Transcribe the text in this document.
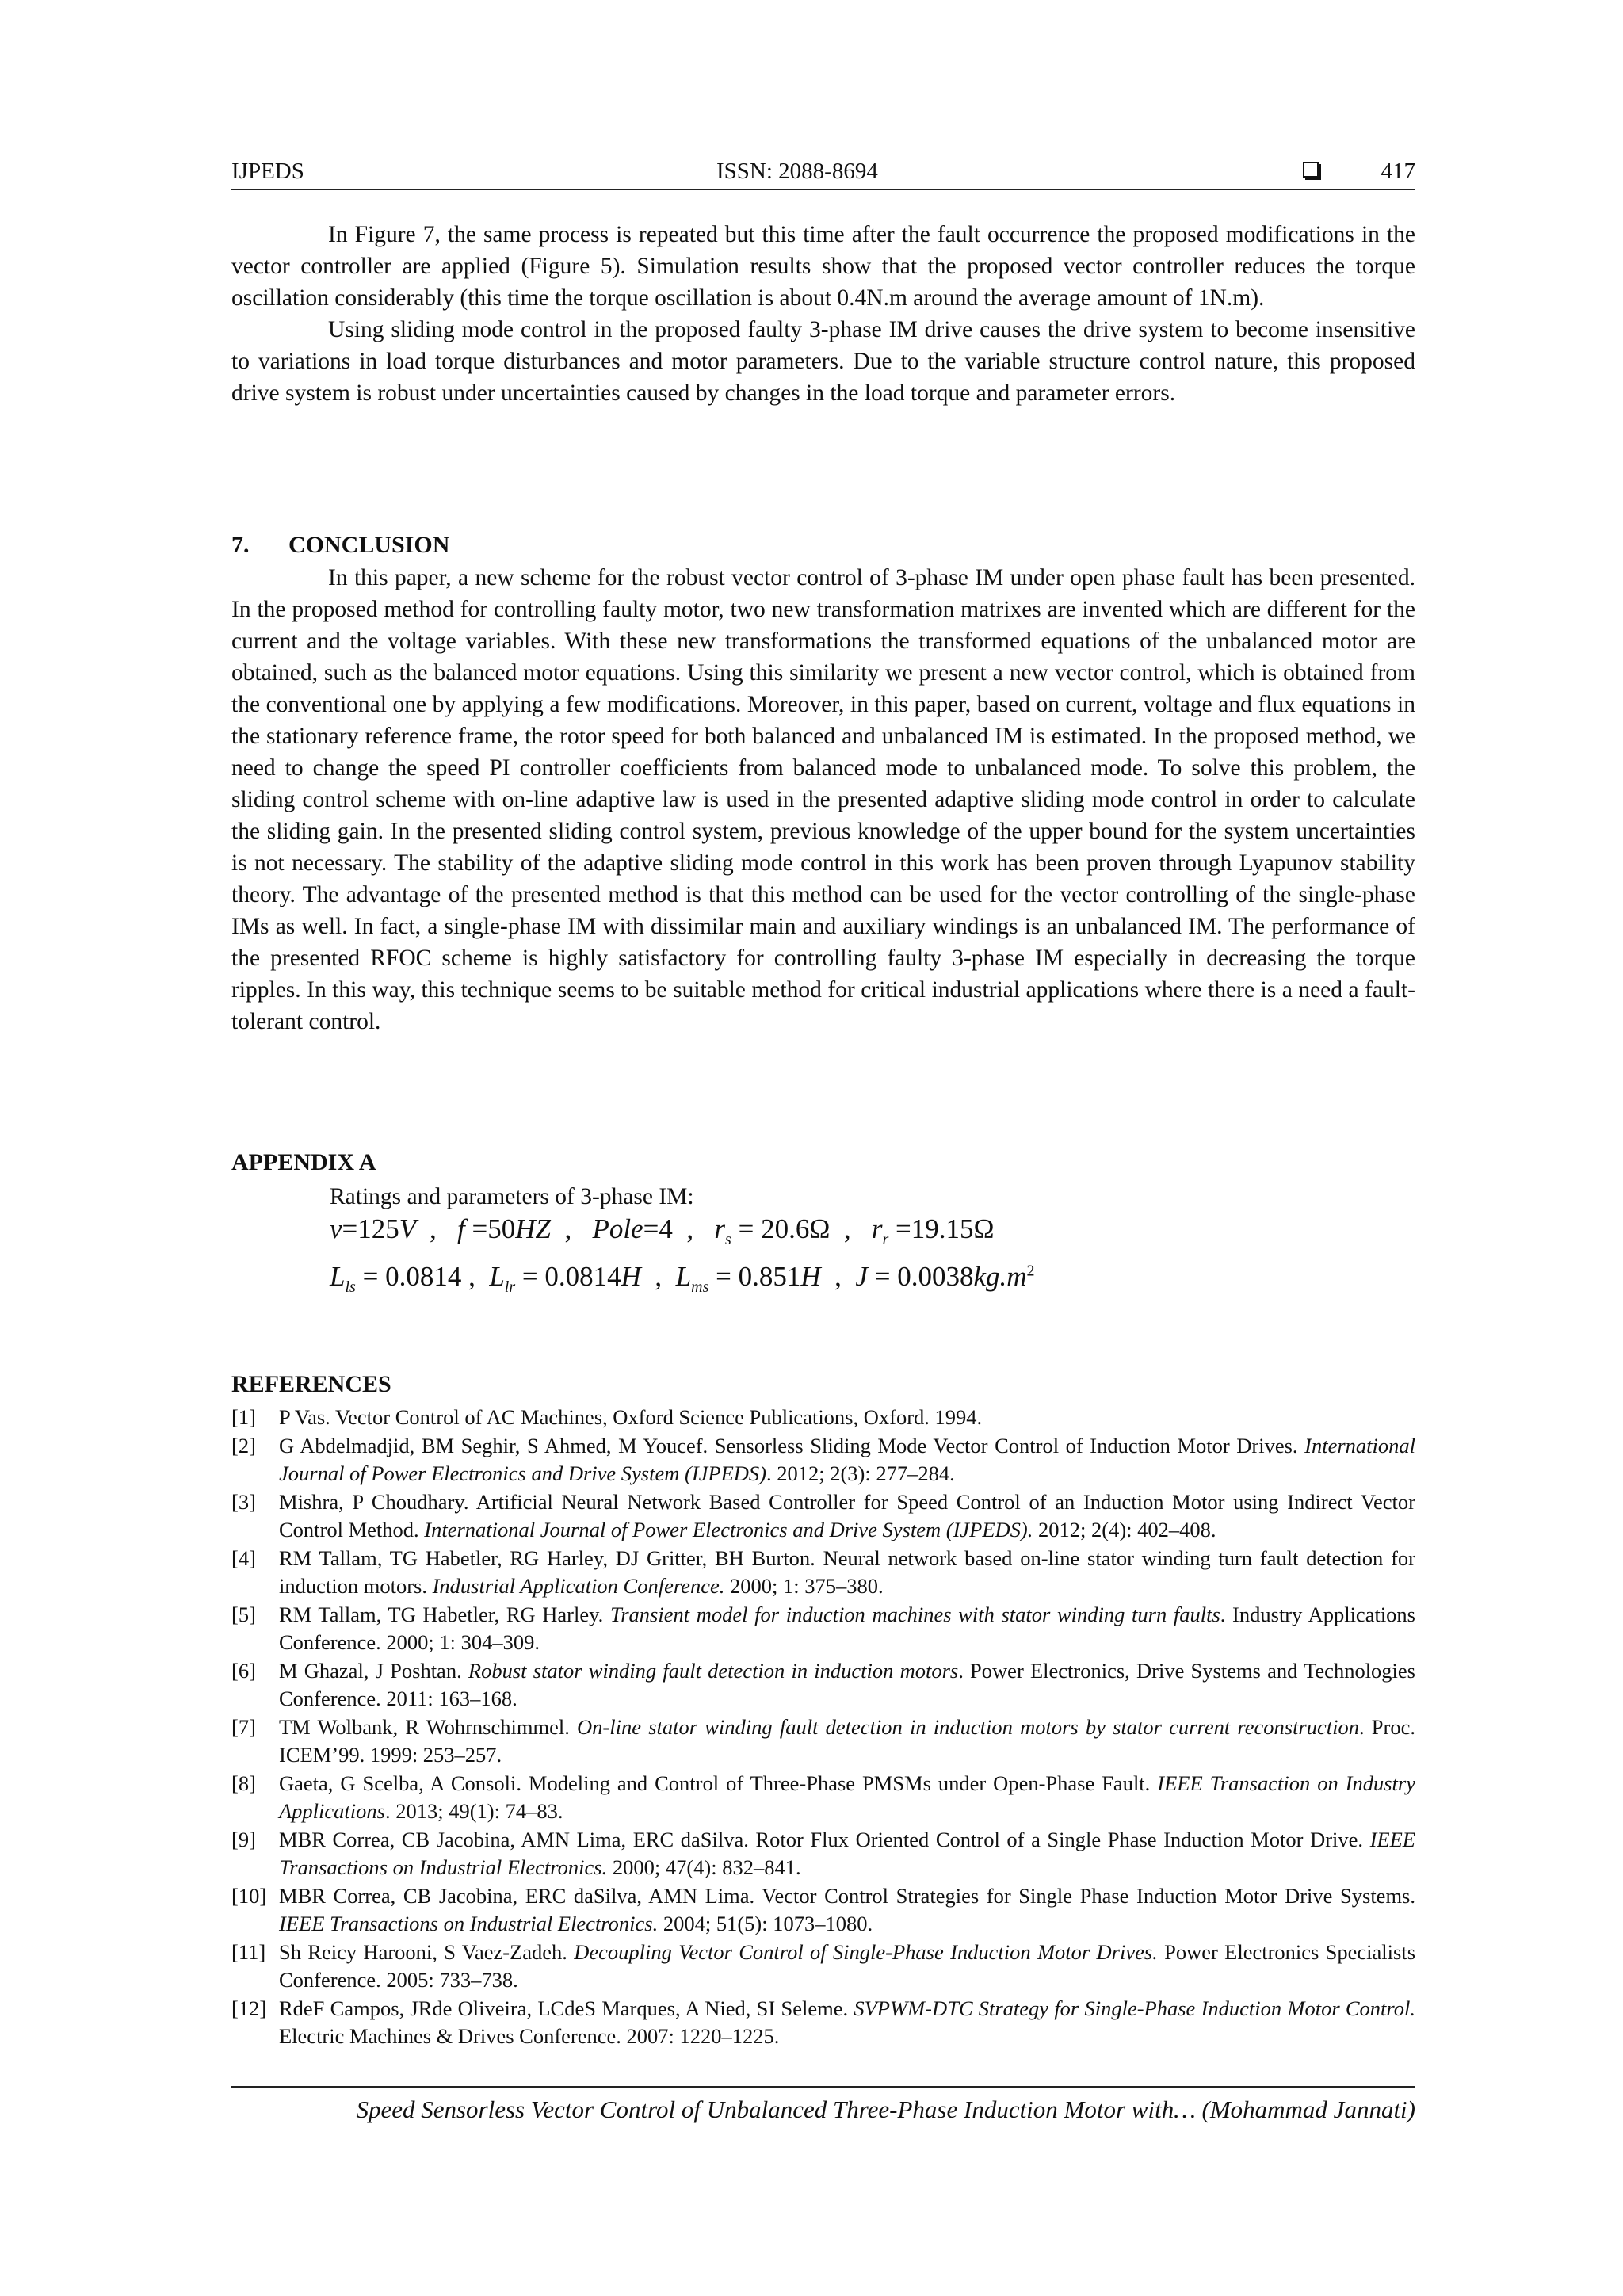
IJPEDS	ISSN: 2088-8694	417

In Figure 7, the same process is repeated but this time after the fault occurrence the proposed modifications in the vector controller are applied (Figure 5). Simulation results show that the proposed vector controller reduces the torque oscillation considerably (this time the torque oscillation is about 0.4N.m around the average amount of 1N.m).

Using sliding mode control in the proposed faulty 3-phase IM drive causes the drive system to become insensitive to variations in load torque disturbances and motor parameters. Due to the variable structure control nature, this proposed drive system is robust under uncertainties caused by changes in the load torque and parameter errors.

7. CONCLUSION

In this paper, a new scheme for the robust vector control of 3-phase IM under open phase fault has been presented. In the proposed method for controlling faulty motor, two new transformation matrixes are invented which are different for the current and the voltage variables. With these new transformations the transformed equations of the unbalanced motor are obtained, such as the balanced motor equations. Using this similarity we present a new vector control, which is obtained from the conventional one by applying a few modifications. Moreover, in this paper, based on current, voltage and flux equations in the stationary reference frame, the rotor speed for both balanced and unbalanced IM is estimated. In the proposed method, we need to change the speed PI controller coefficients from balanced mode to unbalanced mode. To solve this problem, the sliding control scheme with on-line adaptive law is used in the presented adaptive sliding mode control in order to calculate the sliding gain. In the presented sliding control system, previous knowledge of the upper bound for the system uncertainties is not necessary. The stability of the adaptive sliding mode control in this work has been proven through Lyapunov stability theory. The advantage of the presented method is that this method can be used for the vector controlling of the single-phase IMs as well. In fact, a single-phase IM with dissimilar main and auxiliary windings is an unbalanced IM. The performance of the presented RFOC scheme is highly satisfactory for controlling faulty 3-phase IM especially in decreasing the torque ripples. In this way, this technique seems to be suitable method for critical industrial applications where there is a need a fault-tolerant control.

APPENDIX A
Ratings and parameters of 3-phase IM:
v=125V ,   f =50HZ ,   Pole=4 ,   $r_s = 20.6\Omega$ ,   $r_r =19.15\Omega$
$L_{ls} = 0.0814$ ,  $L_{lr} = 0.0814H$ ,  $L_{ms} = 0.851H$ ,  $J = 0.0038kg.m^2$
REFERENCES
[1] P Vas. Vector Control of AC Machines, Oxford Science Publications, Oxford. 1994.
[2] G Abdelmadjid, BM Seghir, S Ahmed, M Youcef. Sensorless Sliding Mode Vector Control of Induction Motor Drives. International Journal of Power Electronics and Drive System (IJPEDS). 2012; 2(3): 277–284.
[3] Mishra, P Choudhary. Artificial Neural Network Based Controller for Speed Control of an Induction Motor using Indirect Vector Control Method. International Journal of Power Electronics and Drive System (IJPEDS). 2012; 2(4): 402–408.
[4] RM Tallam, TG Habetler, RG Harley, DJ Gritter, BH Burton. Neural network based on-line stator winding turn fault detection for induction motors. Industrial Application Conference. 2000; 1: 375–380.
[5] RM Tallam, TG Habetler, RG Harley. Transient model for induction machines with stator winding turn faults. Industry Applications Conference. 2000; 1: 304–309.
[6] M Ghazal, J Poshtan. Robust stator winding fault detection in induction motors. Power Electronics, Drive Systems and Technologies Conference. 2011: 163–168.
[7] TM Wolbank, R Wohrnschimmel. On-line stator winding fault detection in induction motors by stator current reconstruction. Proc. ICEM’99. 1999: 253–257.
[8] Gaeta, G Scelba, A Consoli. Modeling and Control of Three-Phase PMSMs under Open-Phase Fault. IEEE Transaction on Industry Applications. 2013; 49(1): 74–83.
[9] MBR Correa, CB Jacobina, AMN Lima, ERC daSilva. Rotor Flux Oriented Control of a Single Phase Induction Motor Drive. IEEE Transactions on Industrial Electronics. 2000; 47(4): 832–841.
[10] MBR Correa, CB Jacobina, ERC daSilva, AMN Lima. Vector Control Strategies for Single Phase Induction Motor Drive Systems. IEEE Transactions on Industrial Electronics. 2004; 51(5): 1073–1080.
[11] Sh Reicy Harooni, S Vaez-Zadeh. Decoupling Vector Control of Single-Phase Induction Motor Drives. Power Electronics Specialists Conference. 2005: 733–738.
[12] RdeF Campos, JRde Oliveira, LCdeS Marques, A Nied, SI Seleme. SVPWM-DTC Strategy for Single-Phase Induction Motor Control. Electric Machines & Drives Conference. 2007: 1220–1225.
Speed Sensorless Vector Control of Unbalanced Three-Phase Induction Motor with… (Mohammad Jannati)
